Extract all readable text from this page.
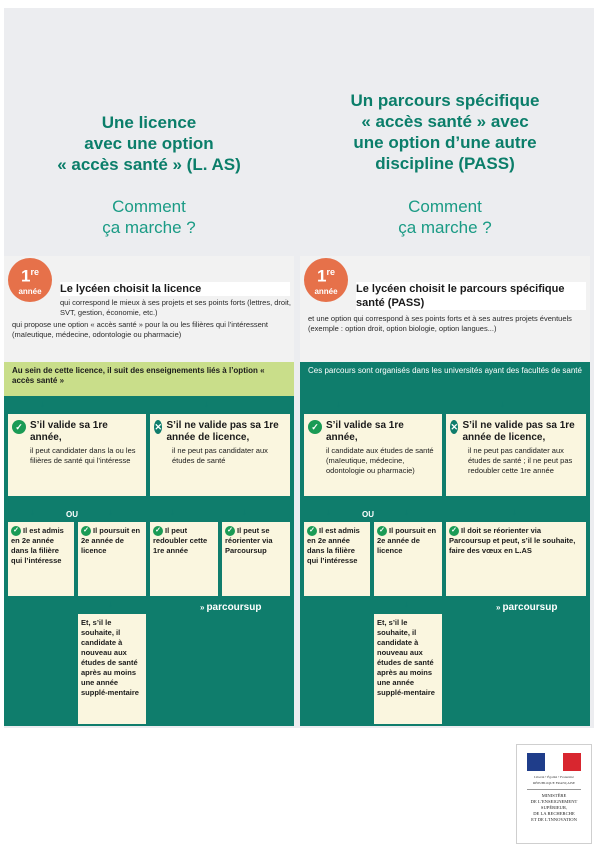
Une licence
avec une option
« accès santé » (L. AS)
Comment
ça marche ?
1re
année	Le lycéen choisit la licence
qui correspond le mieux à ses projets et ses points forts (lettres, droit, SVT, gestion, économie, etc.)
qui propose une option « accès santé » pour la ou les filières qui l’intéressent (maïeutique, médecine, odontologie ou pharmacie)
Au sein de cette licence, il suit des enseignements liés à l’option « accès santé »
↓	↓
✓ S’il valide sa 1re année,
il peut candidater dans la ou les filières de santé qui l’intéresse
✕ S’il ne valide pas sa 1re année de licence,
il ne peut pas candidater aux études de santé
↓	OU	↓	↓	↓
✓ Il est admis en 2e année dans la filière qui l’intéresse
✓ Il poursuit en 2e année de licence
✓ Il peut redoubler cette 1re année
✓ Il peut se réorienter via Parcoursup
↓	» parcoursup
Et, s’il le souhaite, il candidate à nouveau aux études de santé après au moins une année supplé-mentaire
Un parcours spécifique
« accès santé » avec
une option d’une autre
discipline (PASS)
Comment
ça marche ?
1re
année	Le lycéen choisit le parcours spécifique santé (PASS)
et une option qui correspond à ses points forts et à ses autres projets éventuels (exemple : option droit, option biologie, option langues...)
Ces parcours sont organisés dans les universités ayant des facultés de santé
↓	↓
✓ S’il valide sa 1re année,
il candidate aux études de santé (maïeutique, médecine, odontologie ou pharmacie)
✕ S’il ne valide pas sa 1re année de licence,
il ne peut pas candidater aux études de santé ; il ne peut pas redoubler cette 1re année
↓	OU	↓	↓
✓ Il est admis en 2e année dans la filière qui l’intéresse
✓ Il poursuit en 2e année de licence
✓ Il doit se réorienter via Parcoursup et peut, s’il le souhaite, faire des vœux en L.AS
↓	» parcoursup
Et, s’il le souhaite, il candidate à nouveau aux études de santé après au moins une année supplé-mentaire
Liberté • Égalité • Fraternité
RÉPUBLIQUE FRANÇAISE
MINISTÈRE
DE L’ENSEIGNEMENT
SUPÉRIEUR,
DE LA RECHERCHE
ET DE L’INNOVATION
